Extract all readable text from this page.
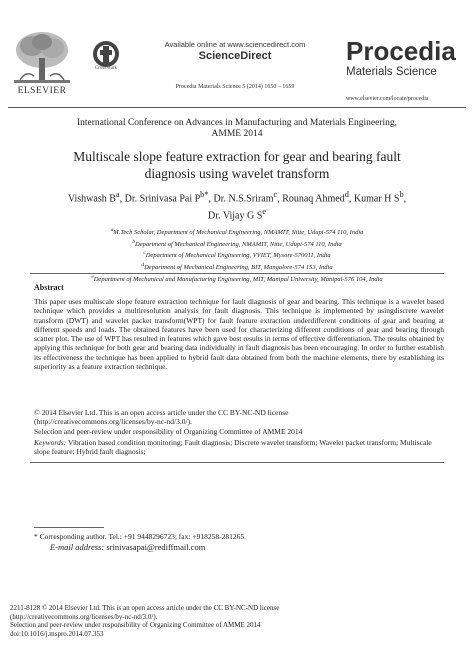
ELSEVIER
CrossMark
Available online at www.sciencedirect.com
ScienceDirect
Procedia Materials Science 5 (2014) 1650 – 1659
Procedia
Materials Science
www.elsevier.com/locate/procedia

International Conference on Advances in Manufacturing and Materials Engineering,

AMME 2014

Multiscale slope feature extraction for gear and bearing fault

diagnosis using wavelet transform

Vishwash $B^a$, Dr. Srinivasa Pai $P^{b*}$, Dr. N.S.Sriram$^c$, Rounaq Ahmed$^d$, Kumar H $S^b$,

Dr. Vijay G $S^e$

$^a$M.Tech Scholar, Department of Mechanical Engineering, NMAMIT, Nitte, Udupi-574 110, India

$^b$Department of Mechanical Engineering, NMAMIT, Nitte, Udupi-574 110, India

$^c$Department of Mechanical Engineering, VVIET, Mysore-570011, India

$^d$Department of Mechanical Engineering, BIT, Mangalore-574 153, India

$^e$Department of Mechanical and Manufacturing Engineering, MIT, Manipal University, Manipal-576 104, India

Abstract
This paper uses multiscale slope feature extraction technique for fault diagnosis of gear and bearing. This technique is a wavelet based technique which provides a multiresolution analysis for fault diagnosis. This technique is implemented by usingdiscrete wavelet transform (DWT) and wavelet packet transform(WPT) for fault feature extraction underdifferent conditions of gear and bearing at different speeds and loads. The obtained features have been used for characterizing different conditions of gear and bearing through scatter plot. The use of WPT has resulted in features which gave best results in terms of effective differentiation. The results obtained by applying this technique for both gear and bearing data individually in fault diagnosis has been encouraging. In order to further establish its effectiveness the technique has been applied to hybrid fault data obtained from both the machine elements, there by establishing its superiority as a feature extraction technique.

© 2014 Elsevier Ltd. This is an open access article under the CC BY-NC-ND license

(http://creativecommons.org/licenses/by-nc-nd/3.0/).

Selection and peer-review under responsibility of Organizing Committee of AMME 2014

Keywords: Vibration based condition monitoring; Fault diagnosis; Discrete wavelet transform; Wavelet packet transform; Multiscale slope feature; Hybrid fault diagnosis;
* Corresponding author. Tel.: +91 9448296723; fax: +918258-281265.
E-mail address: srinivasapai@rediffmail.com

2211-8128 © 2014 Elsevier Ltd. This is an open access article under the CC BY-NC-ND license

(http://creativecommons.org/licenses/by-nc-nd/3.0/).

Selection and peer-review under responsibility of Organizing Committee of AMME 2014

doi:10.1016/j.mspro.2014.07.353
